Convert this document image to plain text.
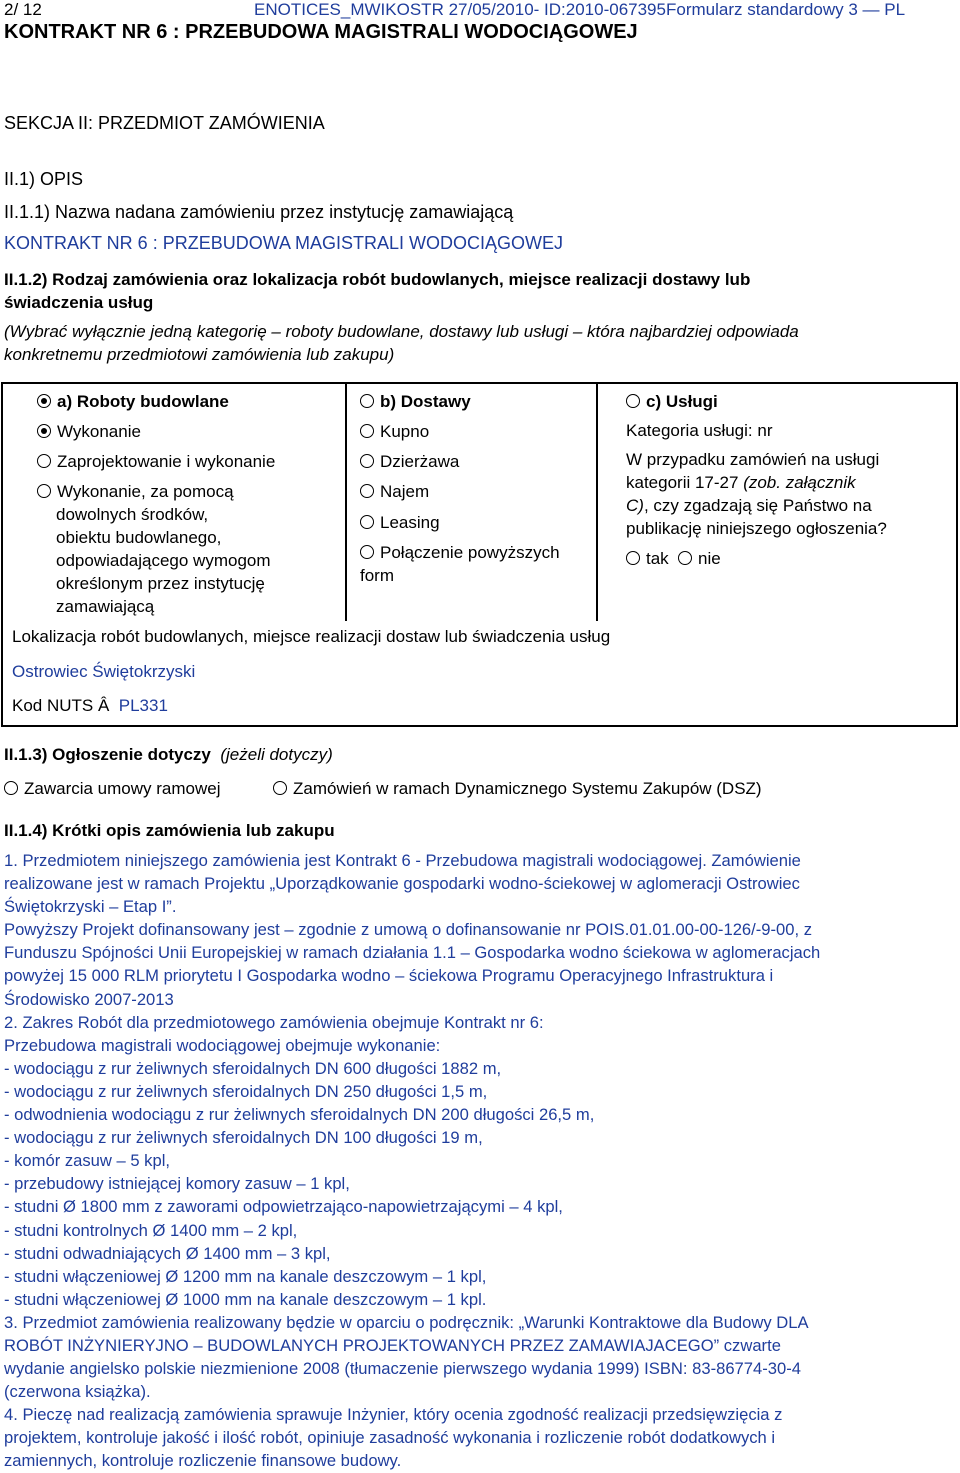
2/ 12	ENOTICES_MWIKOSTR 27/05/2010- ID:2010-067395 Formularz standardowy 3 — PL
KONTRAKT NR 6 : PRZEBUDOWA MAGISTRALI WODOCIĄGOWEJ
SEKCJA II: PRZEDMIOT ZAMÓWIENIA
II.1) OPIS
II.1.1) Nazwa nadana zamówieniu przez instytucję zamawiającą
KONTRAKT NR 6 : PRZEBUDOWA MAGISTRALI WODOCIĄGOWEJ
II.1.2) Rodzaj zamówienia oraz lokalizacja robót budowlanych, miejsce realizacji dostawy lub
świadczenia usług
(Wybrać wyłącznie jedną kategorię – roboty budowlane, dostawy lub usługi – która najbardziej odpowiada
konkretnemu przedmiotowi zamówienia lub zakupu)
a) Roboty budowlane
Wykonanie
Zaprojektowanie i wykonanie
Wykonanie, za pomocą
dowolnych środków,
obiektu budowlanego,
odpowiadającego wymogom
określonym przez instytucję
zamawiającą
b) Dostawy
Kupno
Dzierżawa
Najem
Leasing
Połączenie powyższych
form
c) Usługi
Kategoria usługi: nr
W przypadku zamówień na usługi
kategorii 17-27 (zob. załącznik
C), czy zgadzają się Państwo na
publikację niniejszego ogłoszenia?
tak	nie
Lokalizacja robót budowlanych, miejsce realizacji dostaw lub świadczenia usług
Ostrowiec Świętokrzyski
Kod NUTS Â PL331
II.1.3) Ogłoszenie dotyczy (jeżeli dotyczy)
Zawarcia umowy ramowej	Zamówień w ramach Dynamicznego Systemu Zakupów (DSZ)
II.1.4) Krótki opis zamówienia lub zakupu

1. Przedmiotem niniejszego zamówienia jest Kontrakt 6 - Przebudowa magistrali wodociągowej. Zamówienie

realizowane jest w ramach Projektu „Uporządkowanie gospodarki wodno-ściekowej w aglomeracji Ostrowiec

Świętokrzyski – Etap I”.

Powyższy Projekt dofinansowany jest – zgodnie z umową o dofinansowanie nr POIS.01.01.00-00-126/-9-00, z

Funduszu Spójności Unii Europejskiej w ramach działania 1.1 – Gospodarka wodno ściekowa w aglomeracjach

powyżej 15 000 RLM priorytetu I Gospodarka wodno – ściekowa Programu Operacyjnego Infrastruktura i

Środowisko 2007-2013

2. Zakres Robót dla przedmiotowego zamówienia obejmuje Kontrakt nr 6:

Przebudowa magistrali wodociągowej obejmuje wykonanie:

- wodociągu z rur żeliwnych sferoidalnych DN 600 długości 1882 m,

- wodociągu z rur żeliwnych sferoidalnych DN 250 długości 1,5 m,

- odwodnienia wodociągu z rur żeliwnych sferoidalnych DN 200 długości 26,5 m,

- wodociągu z rur żeliwnych sferoidalnych DN 100 długości 19 m,

- komór zasuw – 5 kpl,

- przebudowy istniejącej komory zasuw – 1 kpl,

- studni Ø 1800 mm z zaworami odpowietrzająco-napowietrzającymi – 4 kpl,

- studni kontrolnych Ø 1400 mm – 2 kpl,

- studni odwadniających Ø 1400 mm – 3 kpl,

- studni włączeniowej Ø 1200 mm na kanale deszczowym – 1 kpl,

- studni włączeniowej Ø 1000 mm na kanale deszczowym – 1 kpl.

3. Przedmiot zamówienia realizowany będzie w oparciu o podręcznik: „Warunki Kontraktowe dla Budowy DLA

ROBÓT INŻYNIERYJNO – BUDOWLANYCH PROJEKTOWANYCH PRZEZ ZAMAWIAJACEGO” czwarte

wydanie angielsko polskie niezmienione 2008 (tłumaczenie pierwszego wydania 1999) ISBN: 83-86774-30-4

(czerwona książka).

4. Pieczę nad realizacją zamówienia sprawuje Inżynier, który ocenia zgodność realizacji przedsięwzięcia z

projektem, kontroluje jakość i ilość robót, opiniuje zasadność wykonania i rozliczenie robót dodatkowych i

zamiennych, kontroluje rozliczenie finansowe budowy.
